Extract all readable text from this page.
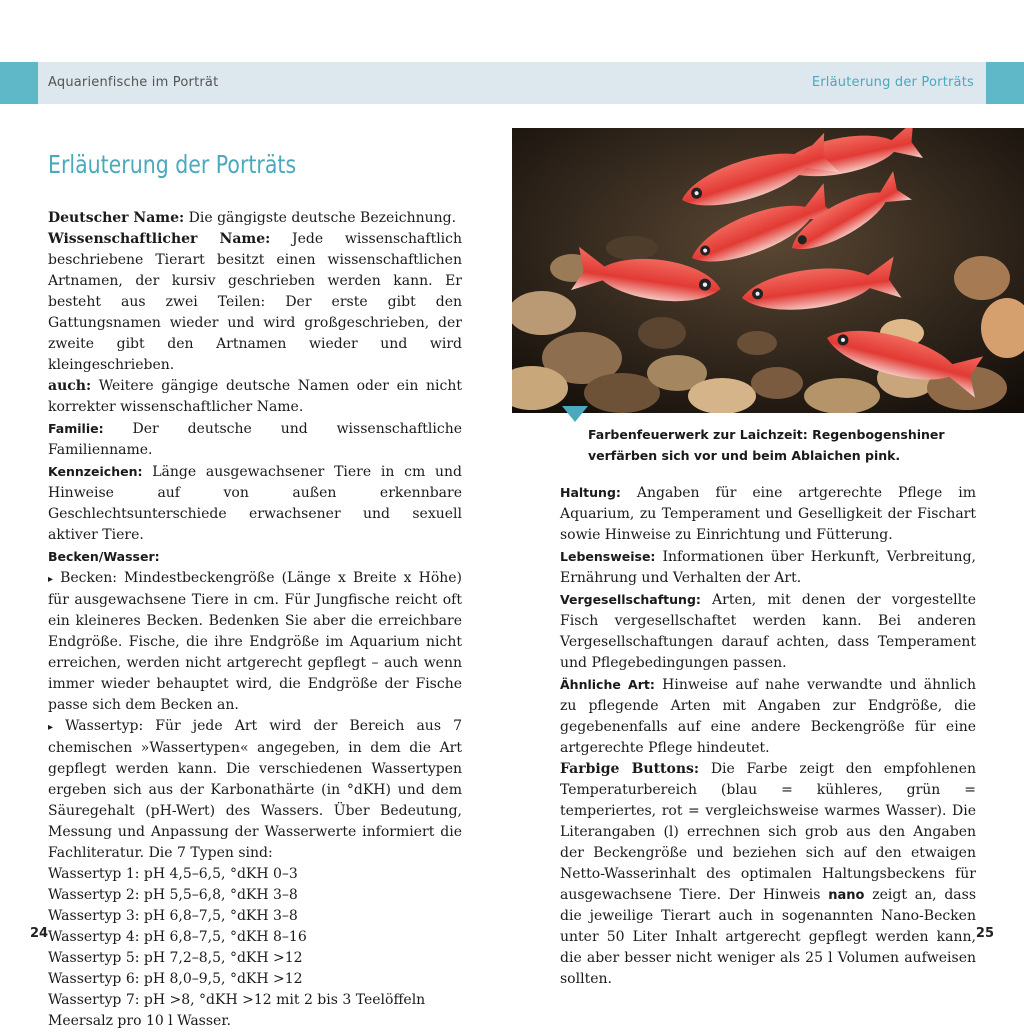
Aquarienfische im Porträt	Erläuterung der Porträts
Erläuterung der Porträts

Deutscher Name: Die gängigste deutsche Bezeichnung.

Wissenschaftlicher Name: Jede wissenschaftlich beschriebene Tierart besitzt einen wissenschaftlichen Artnamen, der kursiv geschrieben werden kann. Er besteht aus zwei Teilen: Der erste gibt den Gattungsnamen wieder und wird großgeschrieben, der zweite gibt den Artnamen wieder und wird kleingeschrieben.

auch: Weitere gängige deutsche Namen oder ein nicht korrekter wissenschaftlicher Name.

Familie: Der deutsche und wissenschaftliche Familienname.

Kennzeichen: Länge ausgewachsener Tiere in cm und Hinweise auf von außen erkennbare Geschlechtsunterschiede erwachsener und sexuell aktiver Tiere.

Becken/Wasser:

▸ Becken: Mindestbeckengröße (Länge x Breite x Höhe) für ausgewachsene Tiere in cm. Für Jungfische reicht oft ein kleineres Becken. Bedenken Sie aber die erreichbare Endgröße. Fische, die ihre Endgröße im Aquarium nicht erreichen, werden nicht artgerecht gepflegt – auch wenn immer wieder behauptet wird, die Endgröße der Fische passe sich dem Becken an.

▸ Wassertyp: Für jede Art wird der Bereich aus 7 chemischen »Wassertypen« angegeben, in dem die Art gepflegt werden kann. Die verschiedenen Wassertypen ergeben sich aus der Karbonathärte (in °dKH) und dem Säuregehalt (pH-Wert) des Wassers. Über Bedeutung, Messung und Anpassung der Wasserwerte informiert die Fachliteratur. Die 7 Typen sind:

Wassertyp 1: pH 4,5–6,5, °dKH 0–3
Wassertyp 2: pH 5,5–6,8, °dKH 3–8
Wassertyp 3: pH 6,8–7,5, °dKH 3–8
Wassertyp 4: pH 6,8–7,5, °dKH 8–16
Wassertyp 5: pH 7,2–8,5, °dKH >12
Wassertyp 6: pH 8,0–9,5, °dKH >12
Wassertyp 7: pH >8, °dKH >12 mit 2 bis 3 Teelöffeln Meersalz pro 10 l Wasser.
Farbenfeuerwerk zur Laichzeit: Regenbogenshiner verfärben sich vor und beim Ablaichen pink.

Haltung: Angaben für eine artgerechte Pflege im Aquarium, zu Temperament und Geselligkeit der Fischart sowie Hinweise zu Einrichtung und Fütterung.

Lebensweise: Informationen über Herkunft, Verbreitung, Ernährung und Verhalten der Art.

Vergesellschaftung: Arten, mit denen der vorgestellte Fisch vergesellschaftet werden kann. Bei anderen Vergesellschaftungen darauf achten, dass Temperament und Pflegebedingungen passen.

Ähnliche Art: Hinweise auf nahe verwandte und ähnlich zu pflegende Arten mit Angaben zur Endgröße, die gegebenenfalls auf eine andere Beckengröße für eine artgerechte Pflege hindeutet.

Farbige Buttons: Die Farbe zeigt den empfohlenen Temperaturbereich (blau = kühleres, grün = temperiertes, rot = vergleichsweise warmes Wasser). Die Literangaben (l) errechnen sich grob aus den Angaben der Beckengröße und beziehen sich auf den etwaigen Netto-Wasserinhalt des optimalen Haltungsbeckens für ausgewachsene Tiere. Der Hinweis nano zeigt an, dass die jeweilige Tierart auch in sogenannten Nano-Becken unter 50 Liter Inhalt artgerecht gepflegt werden kann, die aber besser nicht weniger als 25 l Volumen aufweisen sollten.

24	25
